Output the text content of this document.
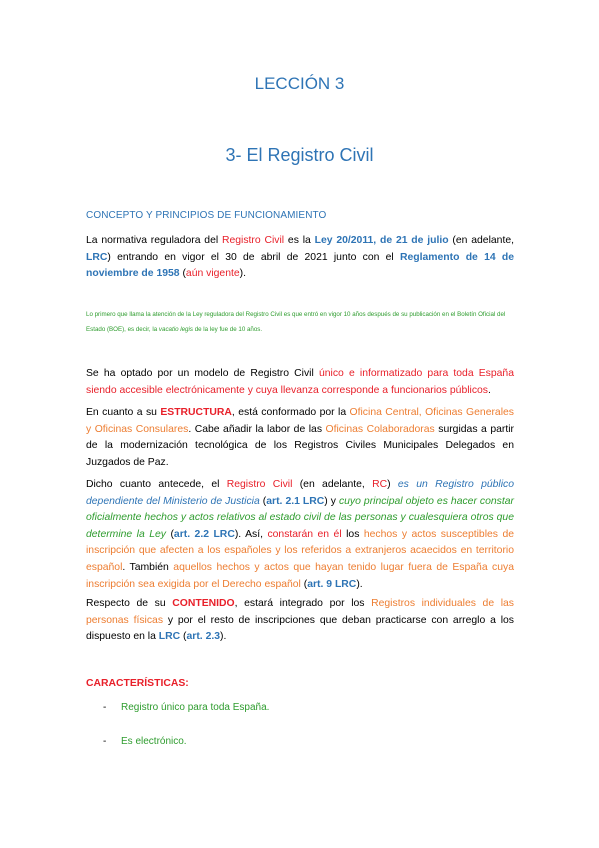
LECCIÓN 3
3- El Registro Civil
CONCEPTO Y PRINCIPIOS DE FUNCIONAMIENTO

La normativa reguladora del Registro Civil es la Ley 20/2011, de 21 de julio (en adelante, LRC) entrando en vigor el 30 de abril de 2021 junto con el Reglamento de 14 de noviembre de 1958 (aún vigente).

Lo primero que llama la atención de la Ley reguladora del Registro Civil es que entró en vigor 10 años después de su publicación en el Boletín Oficial del Estado (BOE), es decir, la vacatio legis de la ley fue de 10 años.

Se ha optado por un modelo de Registro Civil único e informatizado para toda España siendo accesible electrónicamente y cuya llevanza corresponde a funcionarios públicos.

En cuanto a su ESTRUCTURA, está conformado por la Oficina Central, Oficinas Generales y Oficinas Consulares. Cabe añadir la labor de las Oficinas Colaboradoras surgidas a partir de la modernización tecnológica de los Registros Civiles Municipales Delegados en Juzgados de Paz.

Dicho cuanto antecede, el Registro Civil (en adelante, RC) es un Registro público dependiente del Ministerio de Justicia (art. 2.1 LRC) y cuyo principal objeto es hacer constar oficialmente hechos y actos relativos al estado civil de las personas y cualesquiera otros que determine la Ley (art. 2.2 LRC). Así, constarán en él los hechos y actos susceptibles de inscripción que afecten a los españoles y los referidos a extranjeros acaecidos en territorio español. También aquellos hechos y actos que hayan tenido lugar fuera de España cuya inscripción sea exigida por el Derecho español (art. 9 LRC).

Respecto de su CONTENIDO, estará integrado por los Registros individuales de las personas físicas y por el resto de inscripciones que deban practicarse con arreglo a los dispuesto en la LRC (art. 2.3).

CARACTERÍSTICAS:
- Registro único para toda España.
- Es electrónico.
